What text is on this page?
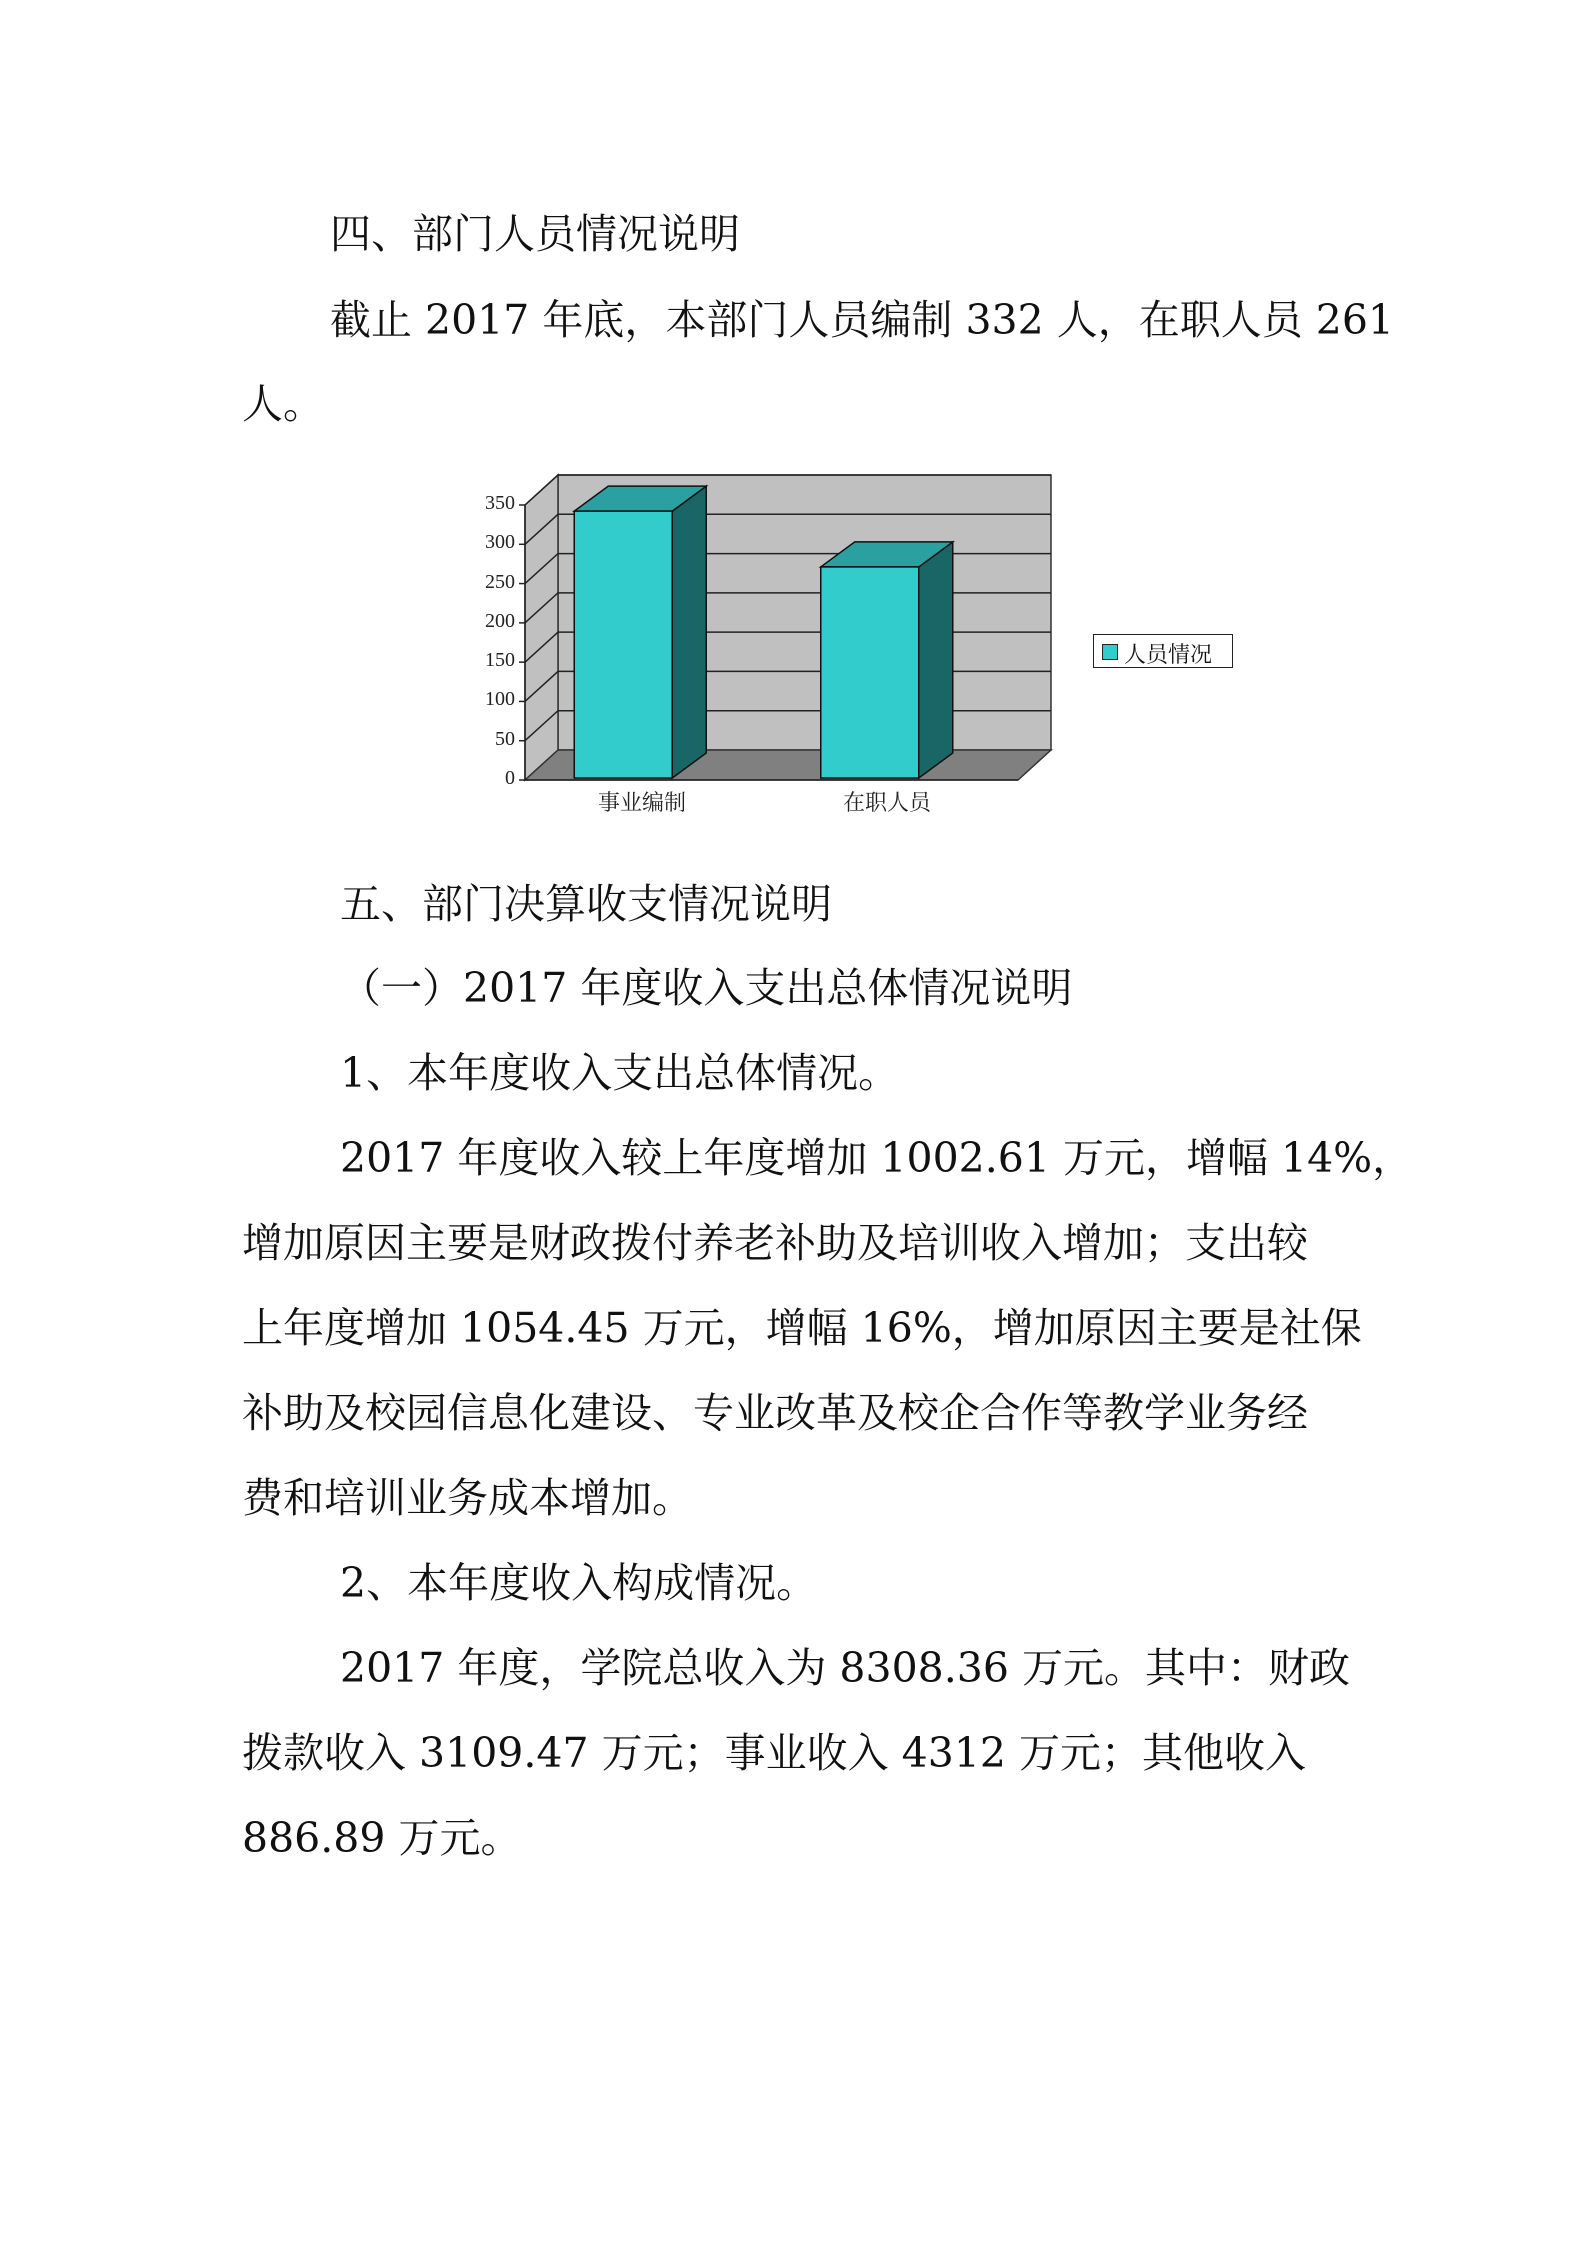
四、部门人员情况说明
截止 2017 年底，本部门人员编制 332 人，在职人员 261
人。
0
50
100
150
200
250
300
350
事业编制	在职人员
人员情况
五、部门决算收支情况说明
（一）2017 年度收入支出总体情况说明
1、本年度收入支出总体情况。
2017 年度收入较上年度增加 1002.61 万元，增幅 14%，
增加原因主要是财政拨付养老补助及培训收入增加；支出较
上年度增加 1054.45 万元，增幅 16%，增加原因主要是社保
补助及校园信息化建设、专业改革及校企合作等教学业务经
费和培训业务成本增加。
2、本年度收入构成情况。
2017 年度，学院总收入为 8308.36 万元。其中：财政
拨款收入 3109.47 万元；事业收入 4312 万元；其他收入
886.89 万元。
